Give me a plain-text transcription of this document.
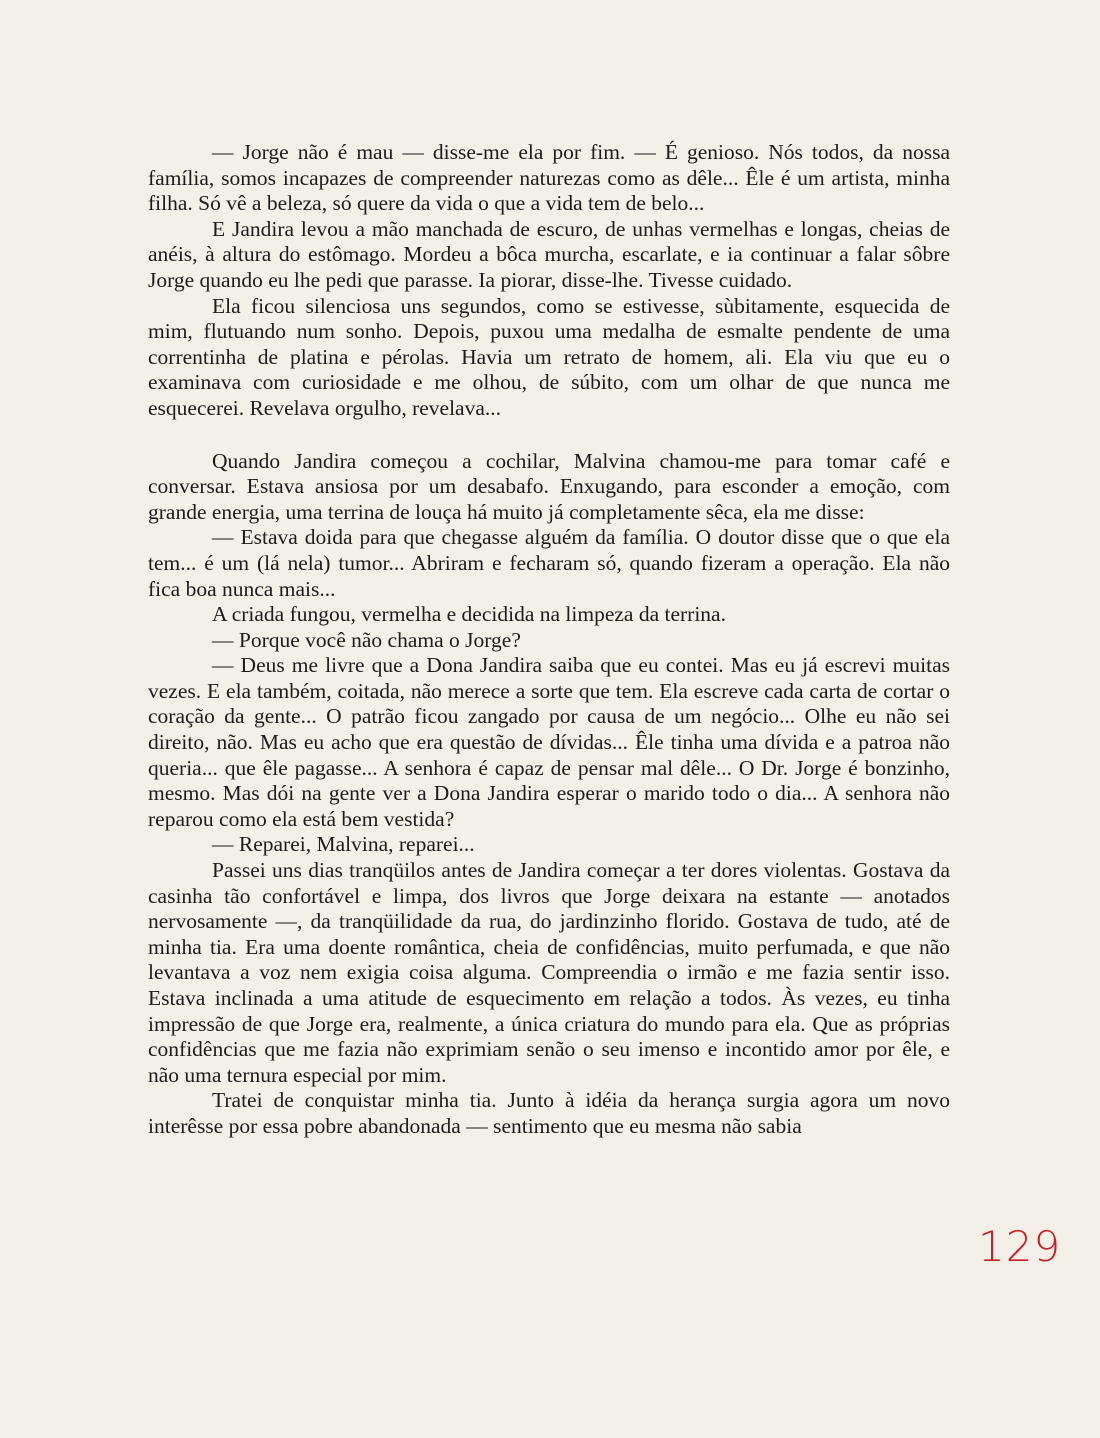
— Jorge não é mau — disse-me ela por fim. — É genioso. Nós todos, da nossa família, somos incapazes de compreender naturezas como as dêle... Êle é um artista, minha filha. Só vê a beleza, só quere da vida o que a vida tem de belo...

E Jandira levou a mão manchada de escuro, de unhas vermelhas e longas, cheias de anéis, à altura do estômago. Mordeu a bôca murcha, escarlate, e ia continuar a falar sôbre Jorge quando eu lhe pedi que parasse. Ia piorar, disse-lhe. Tivesse cuidado.

Ela ficou silenciosa uns segundos, como se estivesse, sùbitamente, esquecida de mim, flutuando num sonho. Depois, puxou uma medalha de esmalte pendente de uma correntinha de platina e pérolas. Havia um retrato de homem, ali. Ela viu que eu o examinava com curiosidade e me olhou, de súbito, com um olhar de que nunca me esquecerei. Revelava orgulho, revelava...

Quando Jandira começou a cochilar, Malvina chamou-me para tomar café e conversar. Estava ansiosa por um desabafo. Enxugando, para esconder a emoção, com grande energia, uma terrina de louça há muito já completamente sêca, ela me disse:

— Estava doida para que chegasse alguém da família. O doutor disse que o que ela tem... é um (lá nela) tumor... Abriram e fecharam só, quando fizeram a operação. Ela não fica boa nunca mais...

A criada fungou, vermelha e decidida na limpeza da terrina.

— Porque você não chama o Jorge?

— Deus me livre que a Dona Jandira saiba que eu contei. Mas eu já escrevi muitas vezes. E ela também, coitada, não merece a sorte que tem. Ela escreve cada carta de cortar o coração da gente... O patrão ficou zangado por causa de um negócio... Olhe eu não sei direito, não. Mas eu acho que era questão de dívidas... Êle tinha uma dívida e a patroa não queria... que êle pagasse... A senhora é capaz de pensar mal dêle... O Dr. Jorge é bonzinho, mesmo. Mas dói na gente ver a Dona Jandira esperar o marido todo o dia... A senhora não reparou como ela está bem vestida?

— Reparei, Malvina, reparei...

Passei uns dias tranqüilos antes de Jandira começar a ter dores violentas. Gostava da casinha tão confortável e limpa, dos livros que Jorge deixara na estante — anotados nervosamente —, da tranqüilidade da rua, do jardinzinho florido. Gostava de tudo, até de minha tia. Era uma doente romântica, cheia de confidências, muito perfumada, e que não levantava a voz nem exigia coisa alguma. Compreendia o irmão e me fazia sentir isso. Estava inclinada a uma atitude de esquecimento em relação a todos. Às vezes, eu tinha impressão de que Jorge era, realmente, a única criatura do mundo para ela. Que as próprias confidências que me fazia não exprimiam senão o seu imenso e incontido amor por êle, e não uma ternura especial por mim.

Tratei de conquistar minha tia. Junto à idéia da herança surgia agora um novo interêsse por essa pobre abandonada — sentimento que eu mesma não sabia

129
